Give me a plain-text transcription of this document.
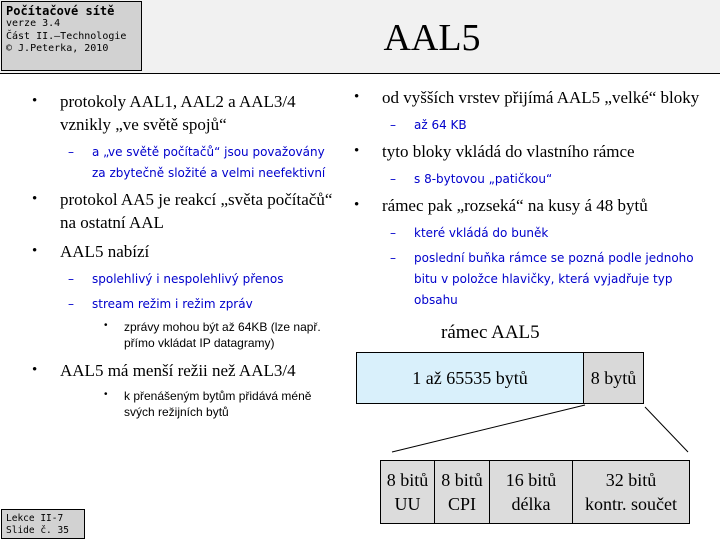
Počítačové sítě
verze 3.4
Část II.–Technologie
© J.Peterka, 2010	AAL5
• protokoly AAL1, AAL2 a AAL3/4 vznikly „ve světě spojů“
– a „ve světě počítačů“ jsou považovány za zbytečně složité a velmi neefektivní
• protokol AA5 je reakcí „světa počítačů“ na ostatní AAL
• AAL5 nabízí
– spolehlivý i nespolehlivý přenos
– stream režim i režim zpráv
• zprávy mohou být až 64KB (lze např. přímo vkládat IP datagramy)
• AAL5 má menší režii než AAL3/4
• k přenášeným bytům přidává méně svých režijních bytů
• od vyšších vrstev přijímá AAL5 „velké“ bloky
– až 64 KB
• tyto bloky vkládá do vlastního rámce
– s 8-bytovou „patičkou“
• rámec pak „rozseká“ na kusy á 48 bytů
– které vkládá do buněk
– poslední buňka rámce se pozná podle jednoho bitu v položce hlavičky, která vyjadřuje typ obsahu
rámec AAL5
1 až 65535 bytů	8 bytů
8 bitů
UU
8 bitů
CPI
16 bitů
délka
32 bitů
kontr. součet
Lekce II-7
Slide č. 35
